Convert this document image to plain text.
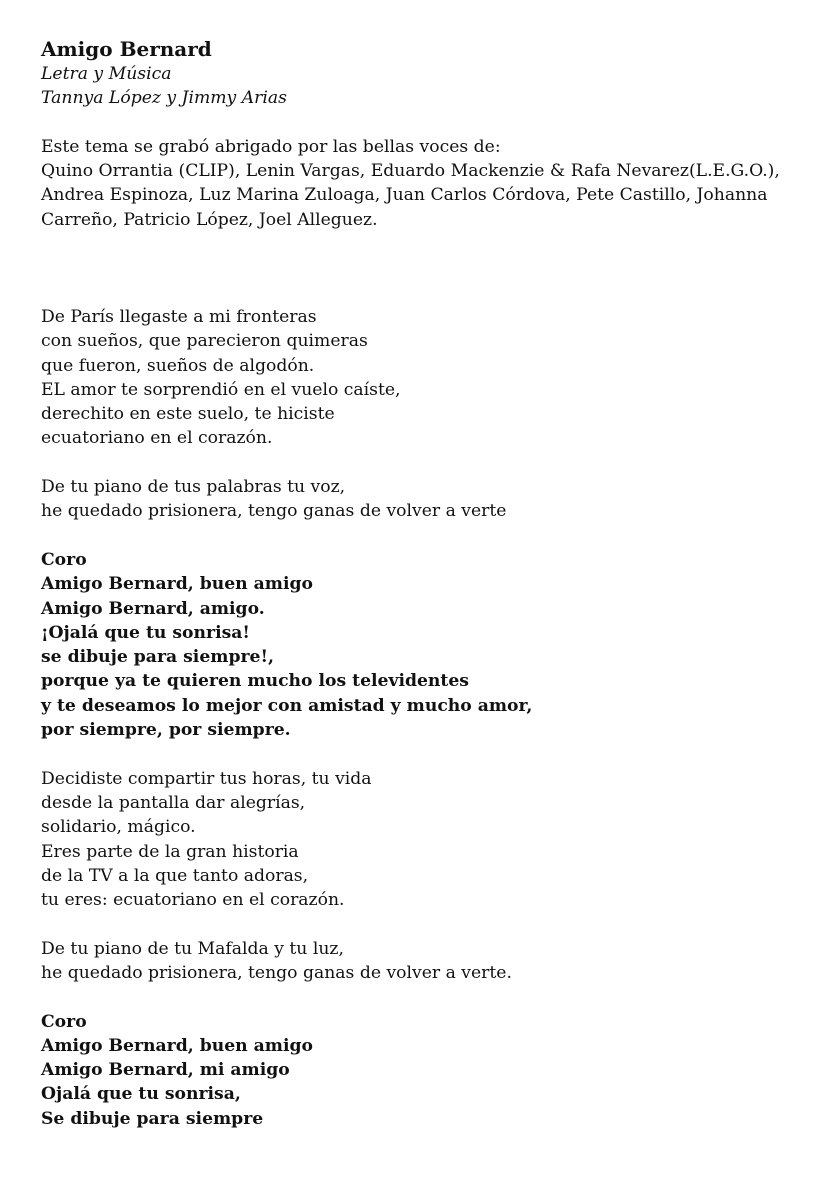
Amigo Bernard
Letra y Música
Tannya López y Jimmy Arias
Este tema se grabó abrigado por las bellas voces de:
Quino Orrantia (CLIP), Lenin Vargas, Eduardo Mackenzie & Rafa Nevarez(L.E.G.O.),
Andrea Espinoza, Luz Marina Zuloaga, Juan Carlos Córdova, Pete Castillo, Johanna
Carreño, Patricio López, Joel Alleguez.
De París llegaste a mi fronteras
con sueños, que parecieron quimeras
que fueron, sueños de algodón.
EL amor te sorprendió en el vuelo caíste,
derechito en este suelo, te hiciste
ecuatoriano en el corazón.
De tu piano de tus palabras tu voz,
he quedado prisionera, tengo ganas de volver a verte
Coro
Amigo Bernard, buen amigo
Amigo Bernard, amigo.
¡Ojalá que tu sonrisa!
se dibuje para siempre!,
porque ya te quieren mucho los televidentes
y te deseamos lo mejor con amistad y mucho amor,
por siempre, por siempre.
Decidiste compartir tus horas, tu vida
desde la pantalla dar alegrías,
solidario, mágico.
Eres parte de la gran historia
de la TV a la que tanto adoras,
tu eres: ecuatoriano en el corazón.
De tu piano de tu Mafalda y tu luz,
he quedado prisionera, tengo ganas de volver a verte.
Coro
Amigo Bernard, buen amigo
Amigo Bernard, mi amigo
Ojalá que tu sonrisa,
Se dibuje para siempre
